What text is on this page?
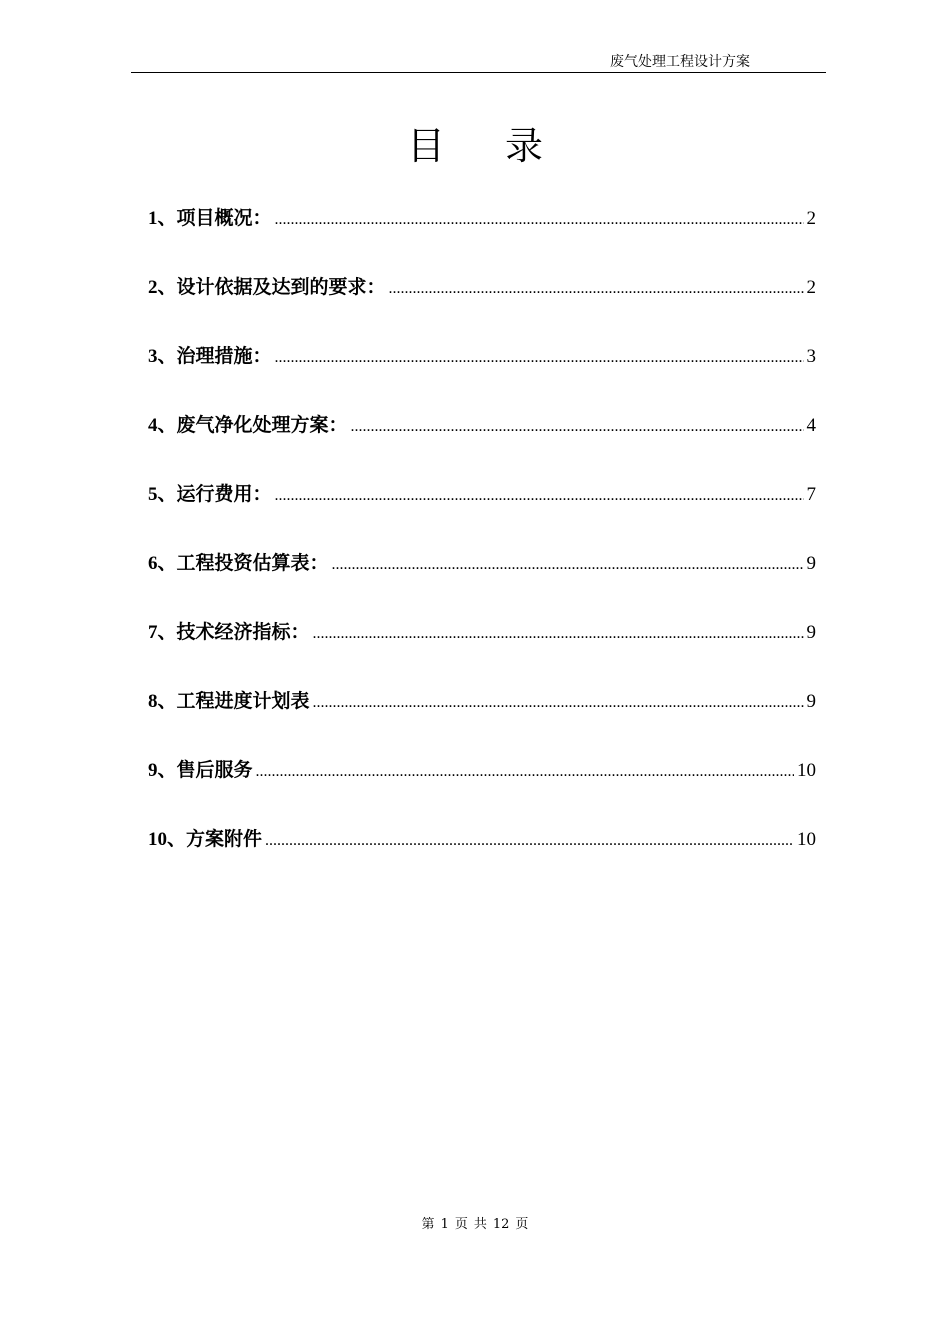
废气处理工程设计方案
目录
1 、 项目概况： .....	2
2 、 设计依据及达到的要求： .....	2
3 、 治理措施： .....	3
4 、 废气净化处理方案： .....	4
5 、 运行费用： .....	7
6 、 工程投资估算表： .....	9
7 、 技术经济指标： .....	9
8 、 工程进度计划表 .....	9
9 、 售后服务 .....	10
10 、 方案附件 .....	10
第 1 页 共 12 页
